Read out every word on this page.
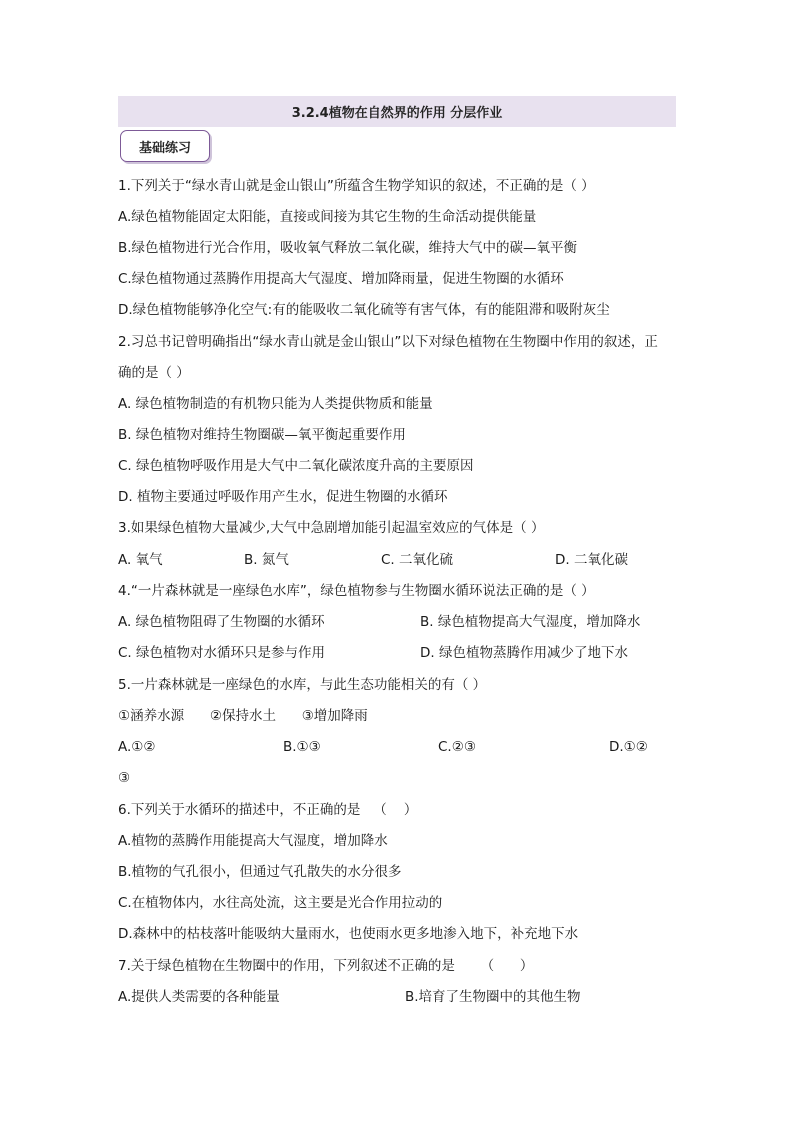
3.2.4植物在自然界的作用 分层作业
基础练习
1.下列关于“绿水青山就是金山银山”所蕴含生物学知识的叙述，不正确的是（ ）
A.绿色植物能固定太阳能，直接或间接为其它生物的生命活动提供能量
B.绿色植物进行光合作用，吸收氧气释放二氧化碳，维持大气中的碳—氧平衡
C.绿色植物通过蒸腾作用提高大气湿度、增加降雨量，促进生物圈的水循环
D.绿色植物能够净化空气:有的能吸收二氧化硫等有害气体，有的能阻滞和吸附灰尘
2.习总书记曾明确指出“绿水青山就是金山银山”以下对绿色植物在生物圈中作用的叙述，正
确的是（ ）
A. 绿色植物制造的有机物只能为人类提供物质和能量
B. 绿色植物对维持生物圈碳—氧平衡起重要作用
C. 绿色植物呼吸作用是大气中二氧化碳浓度升高的主要原因
D. 植物主要通过呼吸作用产生水，促进生物圈的水循环
3.如果绿色植物大量减少,大气中急剧增加能引起温室效应的气体是（ ）
A. 氧气	B. 氮气	C. 二氧化硫	D. 二氧化碳
4.“一片森林就是一座绿色水库”，绿色植物参与生物圈水循环说法正确的是（ ）
A. 绿色植物阻碍了生物圈的水循环	B. 绿色植物提高大气湿度，增加降水
C. 绿色植物对水循环只是参与作用	D. 绿色植物蒸腾作用减少了地下水
5.一片森林就是一座绿色的水库，与此生态功能相关的有（ ）
①涵养水源      ②保持水土      ③增加降雨
A.①②	B.①③	C.②③	D.①②
③
6.下列关于水循环的描述中，不正确的是   （    ）
A.植物的蒸腾作用能提高大气湿度，增加降水
B.植物的气孔很小，但通过气孔散失的水分很多
C.在植物体内，水往高处流，这主要是光合作用拉动的
D.森林中的枯枝落叶能吸纳大量雨水，也使雨水更多地渗入地下，补充地下水
7.关于绿色植物在生物圈中的作用，下列叙述不正确的是      （      ）
A.提供人类需要的各种能量	B.培育了生物圈中的其他生物
